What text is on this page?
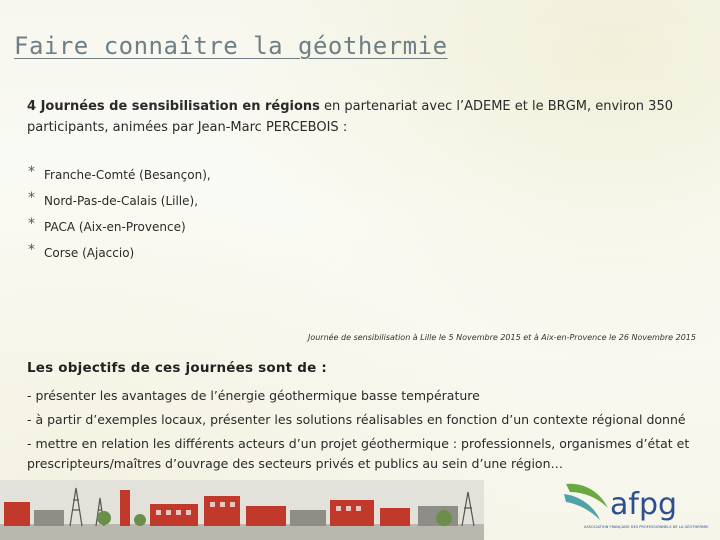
Faire connaître la géothermie
4 Journées de sensibilisation en régions en partenariat avec l’ADEME et le BRGM, environ 350 participants, animées par Jean-Marc PERCEBOIS :
* Franche-Comté (Besançon),
* Nord-Pas-de-Calais (Lille),
* PACA (Aix-en-Provence)
* Corse (Ajaccio)
Journée de sensibilisation à Lille le 5 Novembre 2015 et à Aix-en-Provence le 26 Novembre 2015
Les objectifs de ces journées sont de :
- présenter les avantages de l’énergie géothermique basse température
- à partir d’exemples locaux, présenter les solutions réalisables en fonction d’un contexte régional donné
- mettre en relation les différents acteurs d’un projet géothermique : professionnels, organismes d’état et prescripteurs/maîtres d’ouvrage des secteurs privés et publics au sein d’une région…
afpg
ASSOCIATION FRANÇAISE DES PROFESSIONNELS DE LA GÉOTHERMIE
